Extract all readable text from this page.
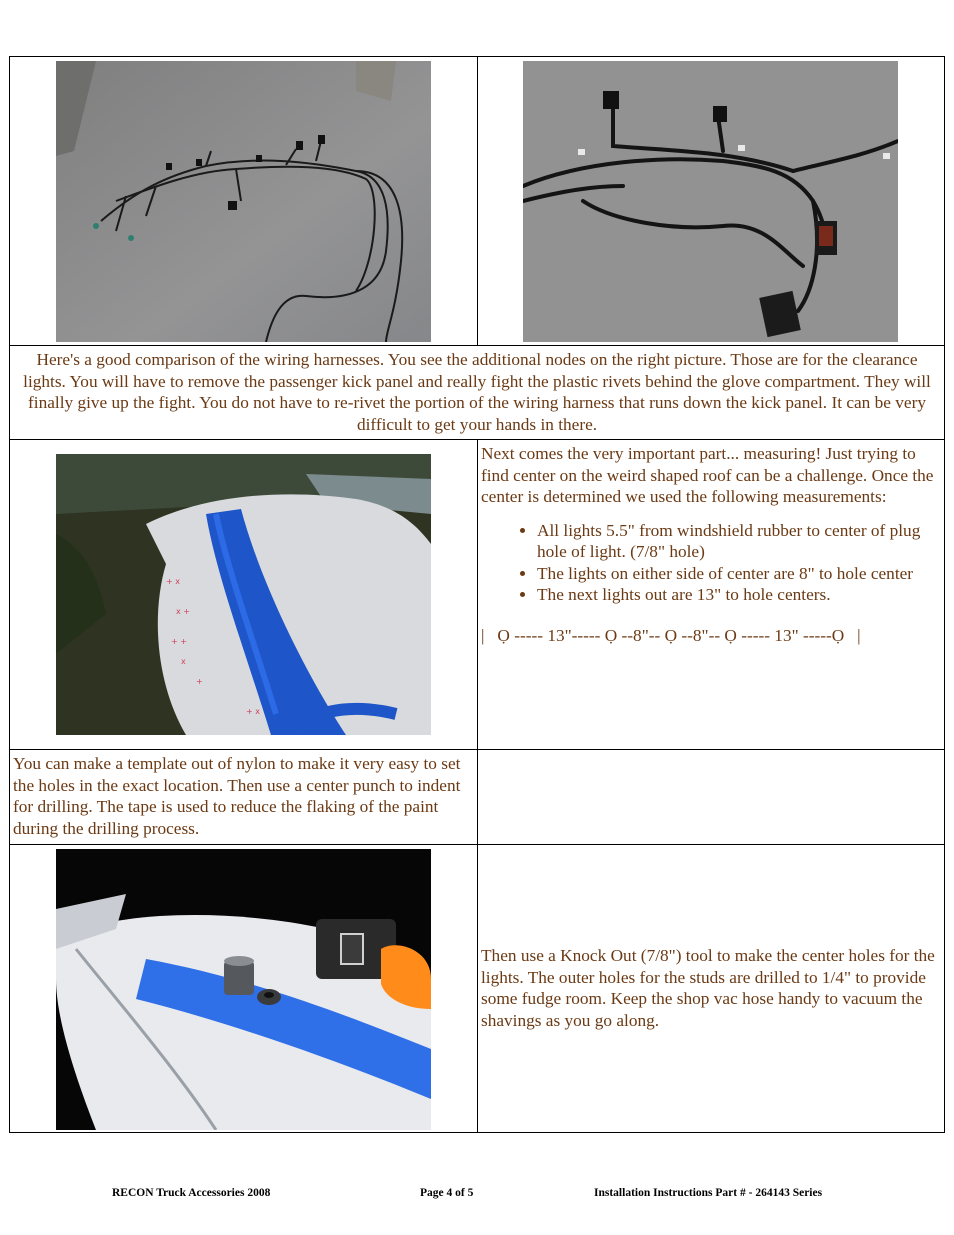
Here's a good comparison of the wiring harnesses. You see the additional nodes on the right picture. Those are for the clearance lights. You will have to remove the passenger kick panel and really fight the plastic rivets behind the glove compartment. They will finally give up the fight. You do not have to re-rivet the portion of the wiring harness that runs down the kick panel. It can be very difficult to get your hands in there.
+ x
x +
+ +
x
+
+ x
Next comes the very important part... measuring! Just trying to find center on the weird shaped roof can be a challenge. Once the center is determined we used the following measurements:
• All lights 5.5" from windshield rubber to center of plug hole of light. (7/8" hole)
• The lights on either side of center are 8" to hole center
• The next lights out are 13" to hole centers.
|   Ọ ----- 13"----- Ọ --8"-- Ọ --8"-- Ọ ----- 13" -----Ọ   |
You can make a template out of nylon to make it very easy to set the holes in the exact location. Then use a center punch to indent for drilling. The tape is used to reduce the flaking of the paint during the drilling process.
Then use a Knock Out (7/8") tool to make the center holes for the lights. The outer holes for the studs are drilled to 1/4" to provide some fudge room. Keep the shop vac hose handy to vacuum the shavings as you go along.
RECON Truck Accessories 2008	Page 4 of 5	Installation Instructions Part # - 264143 Series
